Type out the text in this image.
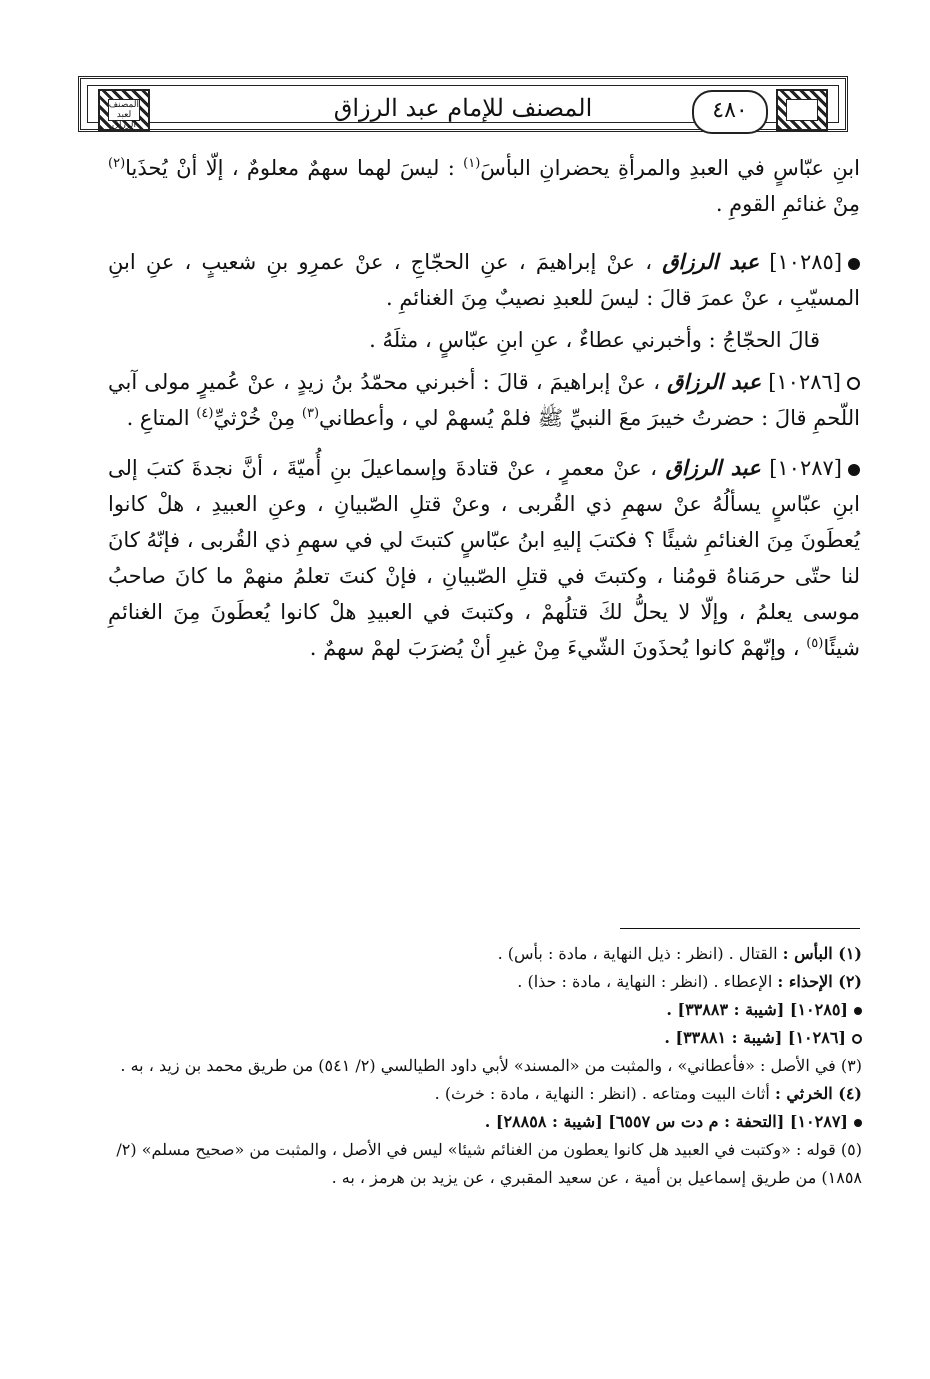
المصنف لعبد الرزاق
المصنف للإمام عبد الرزاق	٤٨٠

ابنِ عبّاسٍ في العبدِ والمرأةِ يحضرانِ البأسَ$^{(١)}$ : ليسَ لهما سهمٌ معلومٌ ، إلّا أنْ يُحذَيا$^{(٢)}$ مِنْ غنائمِ القومِ .

[١٠٢٨٥] عبد الرزاق ، عنْ إبراهيمَ ، عنِ الحجّاجِ ، عنْ عمرِو بنِ شعيبٍ ، عنِ ابنِ المسيّبِ ، عنْ عمرَ قالَ : ليسَ للعبدِ نصيبٌ مِنَ الغنائمِ .

قالَ الحجّاجُ : وأخبرني عطاءٌ ، عنِ ابنِ عبّاسٍ ، مثلَهُ .

[١٠٢٨٦] عبد الرزاق ، عنْ إبراهيمَ ، قالَ : أخبرني محمّدُ بنُ زيدٍ ، عنْ عُميرٍ مولى آبي اللّحمِ قالَ : حضرتُ خيبرَ معَ النبيِّ ﷺ فلمْ يُسهمْ لي ، وأعطاني$^{(٣)}$ مِنْ خُرْثيِّ$^{(٤)}$ المتاعِ .

[١٠٢٨٧] عبد الرزاق ، عنْ معمرٍ ، عنْ قتادةَ وإسماعيلَ بنِ أُميّةَ ، أنَّ نجدةَ كتبَ إلى ابنِ عبّاسٍ يسألُهُ عنْ سهمِ ذي القُربى ، وعنْ قتلِ الصّبيانِ ، وعنِ العبيدِ ، هلْ كانوا يُعطَونَ مِنَ الغنائمِ شيئًا ؟ فكتبَ إليهِ ابنُ عبّاسٍ كتبتَ لي في سهمِ ذي القُربى ، فإنّهُ كانَ لنا حتّى حرمَناهُ قومُنا ، وكتبتَ في قتلِ الصّبيانِ ، فإنْ كنتَ تعلمُ منهمْ ما كانَ صاحبُ موسى يعلمُ ، وإلّا لا يحلُّ لكَ قتلُهمْ ، وكتبتَ في العبيدِ هلْ كانوا يُعطَونَ مِنَ الغنائمِ شيئًا$^{(٥)}$ ، وإنّهمْ كانوا يُحذَونَ الشّيءَ مِنْ غيرِ أنْ يُضرَبَ لهمْ سهمٌ .

(١) البأس : القتال . (انظر : ذيل النهاية ، مادة : بأس) .

(٢) الإحذاء : الإعطاء . (انظر : النهاية ، مادة : حذا) .

[١٠٢٨٥] [شيبة : ٣٣٨٨٣] .

[١٠٢٨٦] [شيبة : ٣٣٨٨١] .

(٣) في الأصل : «فأعطاني» ، والمثبت من «المسند» لأبي داود الطيالسي (٢/ ٥٤١) من طريق محمد بن زيد ، به .

(٤) الخرثي : أثاث البيت ومتاعه . (انظر : النهاية ، مادة : خرث) .

[١٠٢٨٧] [التحفة : م دت س ٦٥٥٧] [شيبة : ٢٨٨٥٨] .

(٥) قوله : «وكتبت في العبيد هل كانوا يعطون من الغنائم شيئا» ليس في الأصل ، والمثبت من «صحيح مسلم» (٢/ ١٨٥٨) من طريق إسماعيل بن أمية ، عن سعيد المقبري ، عن يزيد بن هرمز ، به .
